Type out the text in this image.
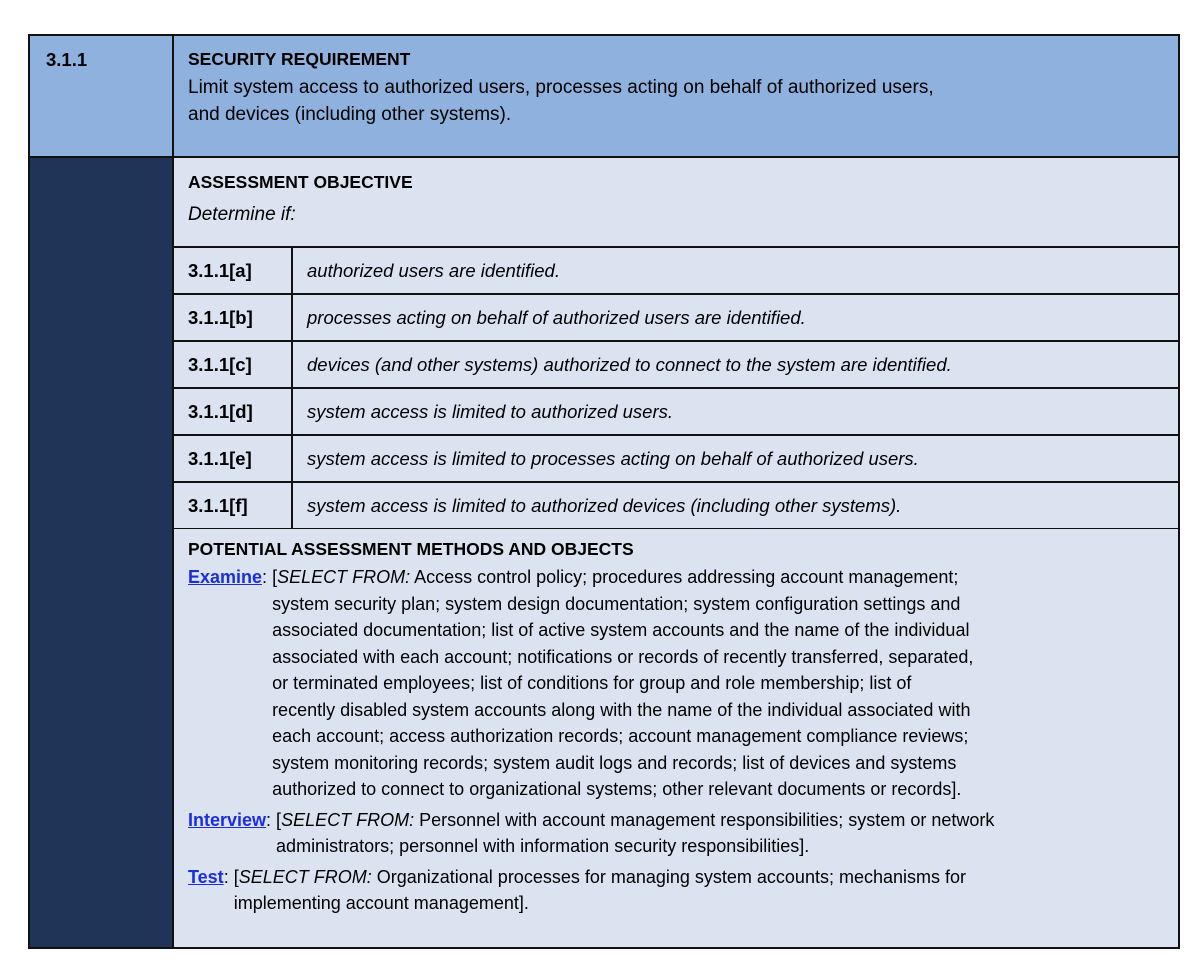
3.1.1	SECURITY REQUIREMENT
Limit system access to authorized users, processes acting on behalf of authorized users,
and devices (including other systems).
ASSESSMENT OBJECTIVE
Determine if:
3.1.1[a]	authorized users are identified.
3.1.1[b]	processes acting on behalf of authorized users are identified.
3.1.1[c]	devices (and other systems) authorized to connect to the system are identified.
3.1.1[d]	system access is limited to authorized users.
3.1.1[e]	system access is limited to processes acting on behalf of authorized users.
3.1.1[f]	system access is limited to authorized devices (including other systems).
POTENTIAL ASSESSMENT METHODS AND OBJECTS
Examine: [SELECT FROM: Access control policy; procedures addressing account management;
system security plan; system design documentation; system configuration settings and
associated documentation; list of active system accounts and the name of the individual
associated with each account; notifications or records of recently transferred, separated,
or terminated employees; list of conditions for group and role membership; list of
recently disabled system accounts along with the name of the individual associated with
each account; access authorization records; account management compliance reviews;
system monitoring records; system audit logs and records; list of devices and systems
authorized to connect to organizational systems; other relevant documents or records].
Interview: [SELECT FROM: Personnel with account management responsibilities; system or network
administrators; personnel with information security responsibilities].
Test: [SELECT FROM: Organizational processes for managing system accounts; mechanisms for
implementing account management].
